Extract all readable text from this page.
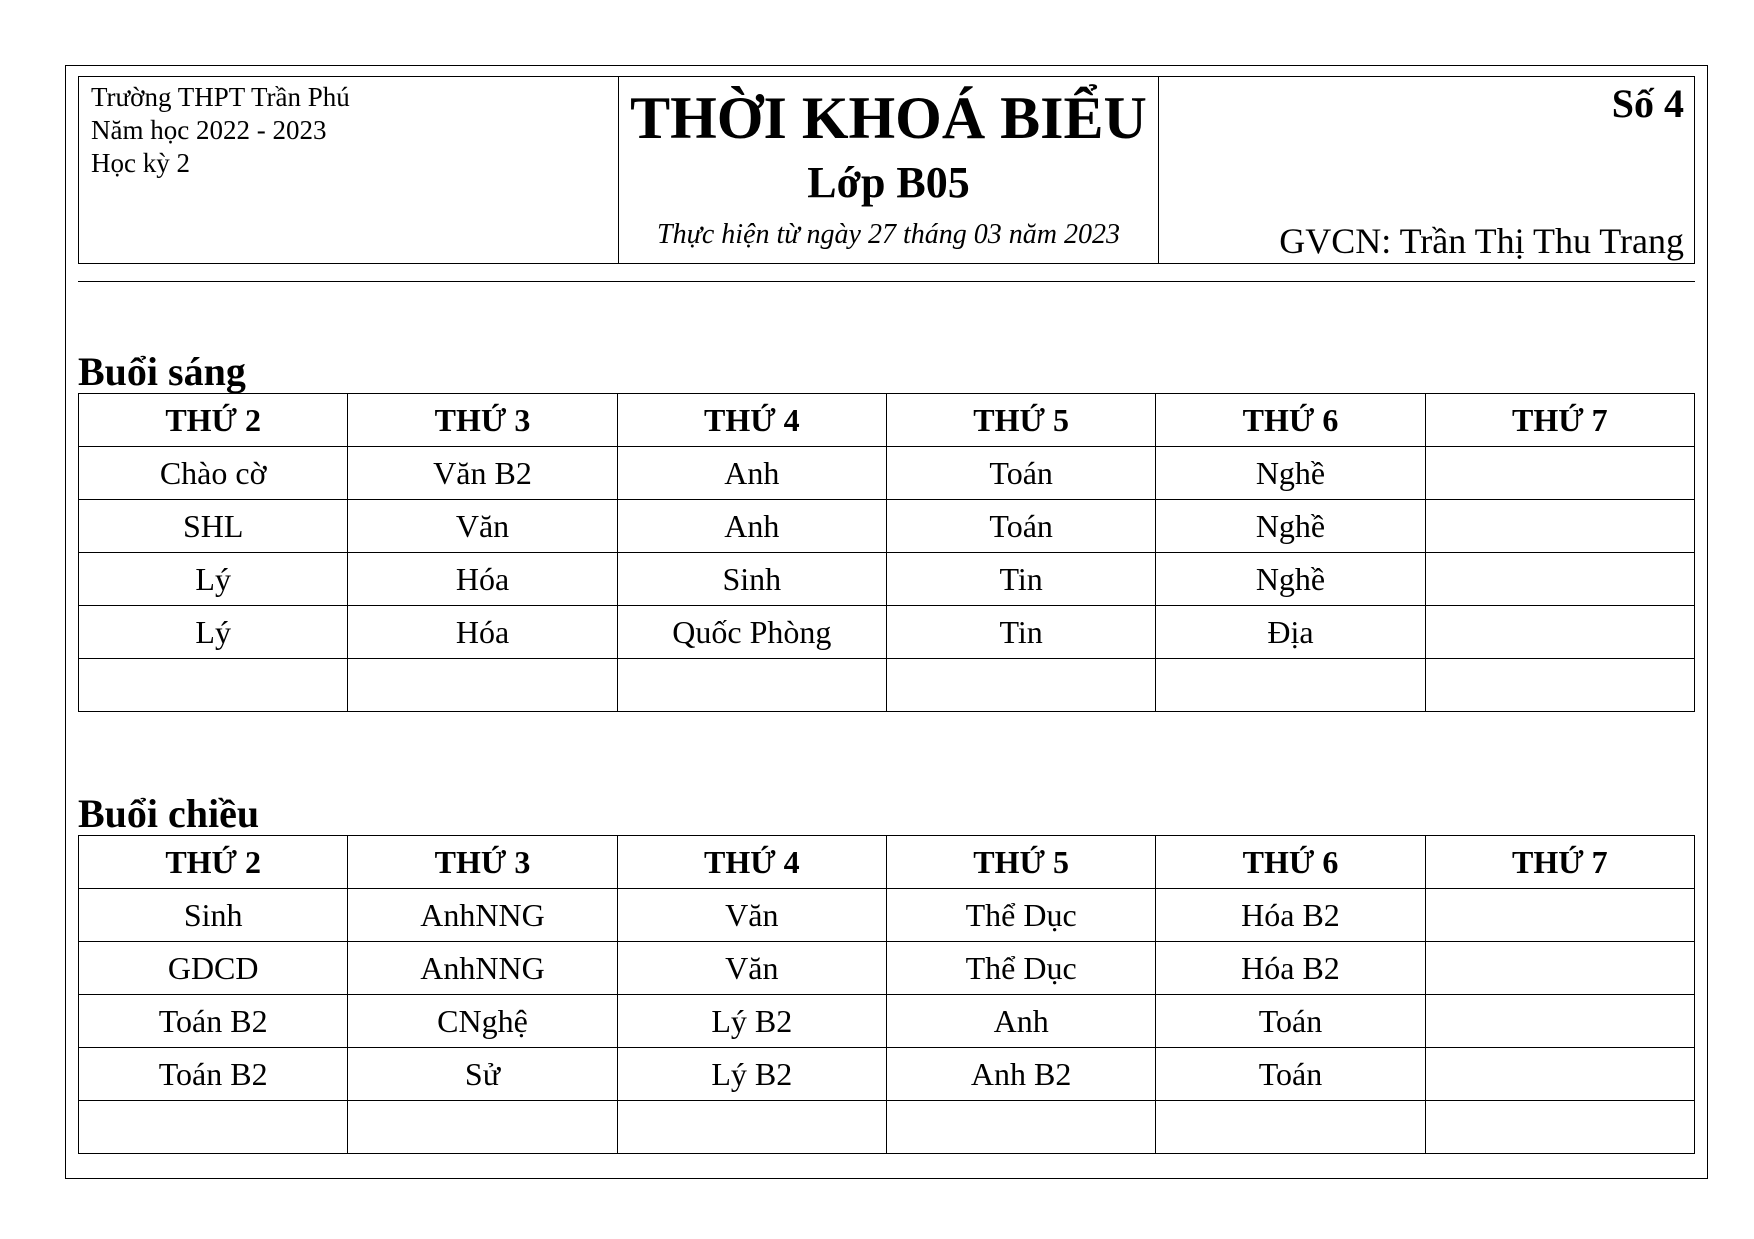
Trường THPT Trần Phú
Năm học 2022 - 2023
Học kỳ 2
THỜI KHOÁ BIỂU
Lớp B05
Thực hiện từ ngày 27 tháng 03 năm 2023
Số 4
GVCN: Trần Thị Thu Trang
Buổi sáng
THỨ 2	THỨ 3	THỨ 4	THỨ 5	THỨ 6	THỨ 7
Chào cờ	Văn B2	Anh	Toán	Nghề	
SHL	Văn	Anh	Toán	Nghề	
Lý	Hóa	Sinh	Tin	Nghề	
Lý	Hóa	Quốc Phòng	Tin	Địa	

Buổi chiều
THỨ 2	THỨ 3	THỨ 4	THỨ 5	THỨ 6	THỨ 7
Sinh	AnhNNG	Văn	Thể Dục	Hóa B2	
GDCD	AnhNNG	Văn	Thể Dục	Hóa B2	
Toán B2	CNghệ	Lý B2	Anh	Toán	
Toán B2	Sử	Lý B2	Anh B2	Toán	
